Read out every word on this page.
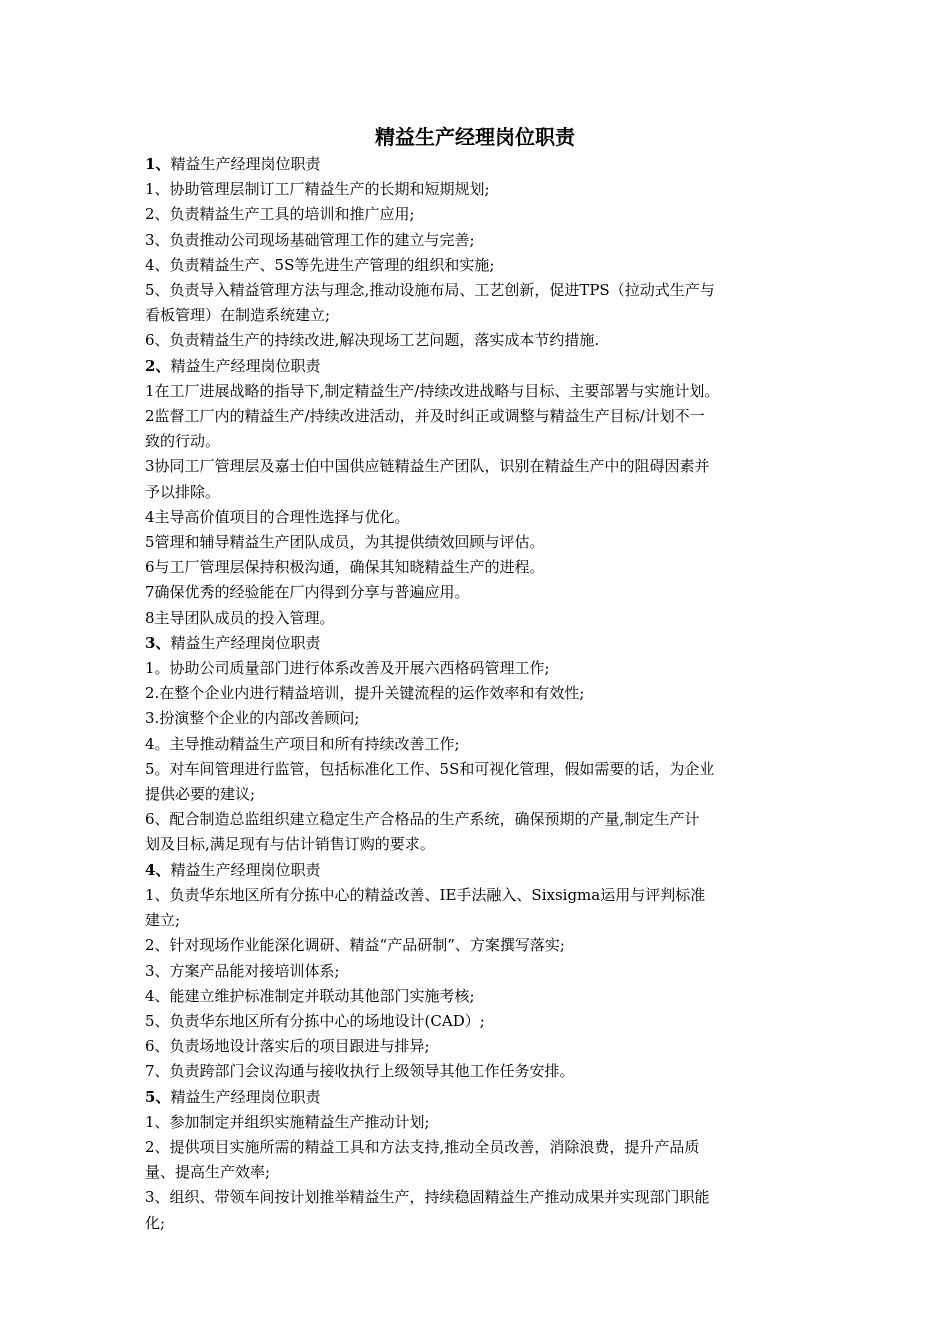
精益生产经理岗位职责
1、精益生产经理岗位职责
1、协助管理层制订工厂精益生产的长期和短期规划;
2、负责精益生产工具的培训和推广应用;
3、负责推动公司现场基础管理工作的建立与完善;
4、负责精益生产、5S等先进生产管理的组织和实施;
5、负责导入精益管理方法与理念,推动设施布局、工艺创新，促进TPS（拉动式生产与
看板管理）在制造系统建立;
6、负责精益生产的持续改进,解决现场工艺问题，落实成本节约措施.
2、精益生产经理岗位职责
1在工厂进展战略的指导下,制定精益生产/持续改进战略与目标、主要部署与实施计划。
2监督工厂内的精益生产/持续改进活动，并及时纠正或调整与精益生产目标/计划不一
致的行动。
3协同工厂管理层及嘉士伯中国供应链精益生产团队，识别在精益生产中的阻碍因素并
予以排除。
4主导高价值项目的合理性选择与优化。
5管理和辅导精益生产团队成员，为其提供绩效回顾与评估。
6与工厂管理层保持积极沟通，确保其知晓精益生产的进程。
7确保优秀的经验能在厂内得到分享与普遍应用。
8主导团队成员的投入管理。
3、精益生产经理岗位职责
1。协助公司质量部门进行体系改善及开展六西格码管理工作;
2.在整个企业内进行精益培训，提升关键流程的运作效率和有效性;
3.扮演整个企业的内部改善顾问;
4。主导推动精益生产项目和所有持续改善工作;
5。对车间管理进行监管，包括标准化工作、5S和可视化管理，假如需要的话，为企业
提供必要的建议;
6、配合制造总监组织建立稳定生产合格品的生产系统，确保预期的产量,制定生产计
划及目标,满足现有与估计销售订购的要求。
4、精益生产经理岗位职责
1、负责华东地区所有分拣中心的精益改善、IE手法融入、Sixsigma运用与评判标准
建立;
2、针对现场作业能深化调研、精益“产品研制”、方案撰写落实;
3、方案产品能对接培训体系;
4、能建立维护标准制定并联动其他部门实施考核;
5、负责华东地区所有分拣中心的场地设计(CAD）;
6、负责场地设计落实后的项目跟进与排异;
7、负责跨部门会议沟通与接收执行上级领导其他工作任务安排。
5、精益生产经理岗位职责
1、参加制定并组织实施精益生产推动计划;
2、提供项目实施所需的精益工具和方法支持,推动全员改善，消除浪费，提升产品质
量、提高生产效率;
3、组织、带领车间按计划推举精益生产，持续稳固精益生产推动成果并实现部门职能
化;
